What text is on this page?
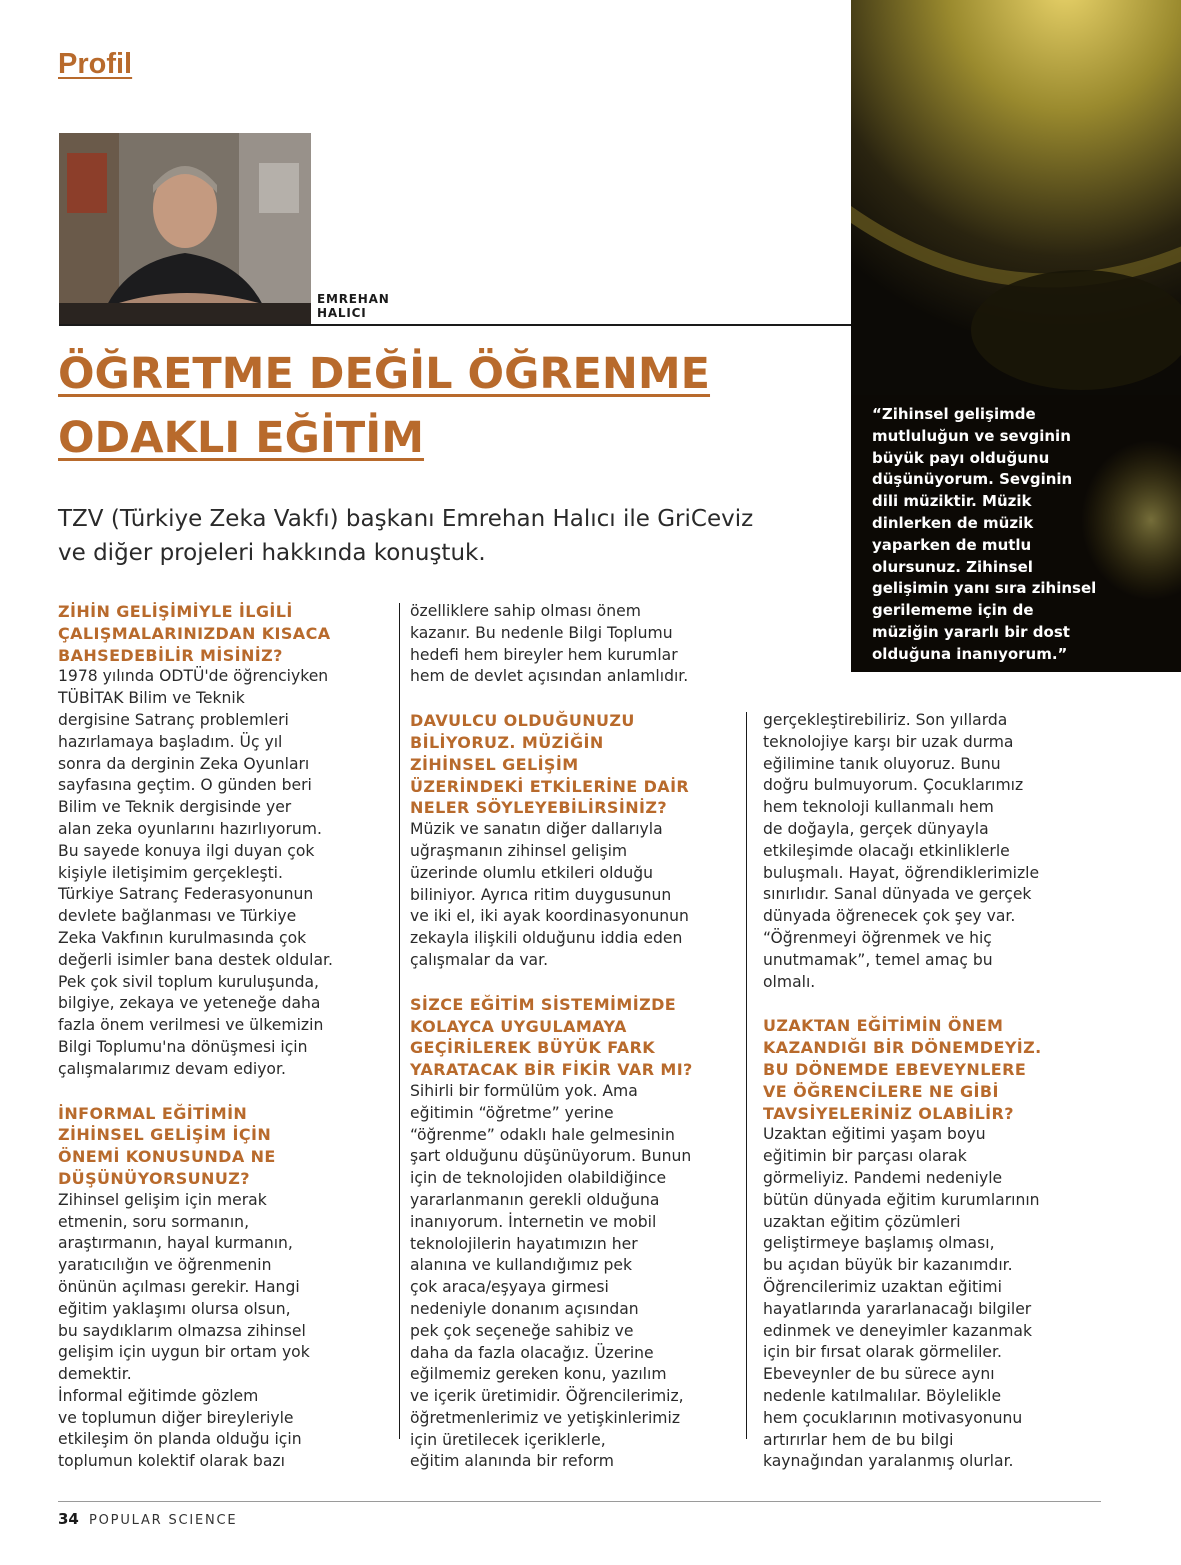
Profil
EMREHAN
HALICI
“Zihinsel gelişimde mutluluğun ve sevginin büyük payı olduğunu düşünüyorum. Sevginin dili müziktir. Müzik dinlerken de müzik yaparken de mutlu olursunuz. Zihinsel gelişimin yanı sıra zihinsel gerilememe için de müziğin yararlı bir dost olduğuna inanıyorum.”
ÖĞRETME DEĞİL ÖĞRENME ODAKLI EĞİTİM

TZV (Türkiye Zeka Vakfı) başkanı Emrehan Halıcı ile GriCeviz ve diğer projeleri hakkında konuştuk.

ZİHİN GELİŞİMİYLE İLGİLİ
ÇALIŞMALARINIZDAN KISACA
BAHSEDEBİLİR MİSİNİZ?

1978 yılında ODTÜ'de öğrenciyken
TÜBİTAK Bilim ve Teknik
dergisine Satranç problemleri
hazırlamaya başladım. Üç yıl
sonra da derginin Zeka Oyunları
sayfasına geçtim. O günden beri
Bilim ve Teknik dergisinde yer
alan zeka oyunlarını hazırlıyorum.
Bu sayede konuya ilgi duyan çok
kişiyle iletişimim gerçekleşti.
Türkiye Satranç Federasyonunun
devlete bağlanması ve Türkiye
Zeka Vakfının kurulmasında çok
değerli isimler bana destek oldular.
Pek çok sivil toplum kuruluşunda,
bilgiye, zekaya ve yeteneğe daha
fazla önem verilmesi ve ülkemizin
Bilgi Toplumu'na dönüşmesi için
çalışmalarımız devam ediyor.

İNFORMAL EĞİTİMİN
ZİHİNSEL GELİŞİM İÇİN
ÖNEMİ KONUSUNDA NE
DÜŞÜNÜYORSUNUZ?

Zihinsel gelişim için merak
etmenin, soru sormanın,
araştırmanın, hayal kurmanın,
yaratıcılığın ve öğrenmenin
önünün açılması gerekir. Hangi
eğitim yaklaşımı olursa olsun,
bu saydıklarım olmazsa zihinsel
gelişim için uygun bir ortam yok
demektir.
İnformal eğitimde gözlem
ve toplumun diğer bireyleriyle
etkileşim ön planda olduğu için
toplumun kolektif olarak bazı

özelliklere sahip olması önem
kazanır. Bu nedenle Bilgi Toplumu
hedefi hem bireyler hem kurumlar
hem de devlet açısından anlamlıdır.

DAVULCU OLDUĞUNUZU
BİLİYORUZ. MÜZİĞİN
ZİHİNSEL GELİŞİM
ÜZERİNDEKİ ETKİLERİNE DAİR
NELER SÖYLEYEBİLİRSİNİZ?

Müzik ve sanatın diğer dallarıyla
uğraşmanın zihinsel gelişim
üzerinde olumlu etkileri olduğu
biliniyor. Ayrıca ritim duygusunun
ve iki el, iki ayak koordinasyonunun
zekayla ilişkili olduğunu iddia eden
çalışmalar da var.

SİZCE EĞİTİM SİSTEMİMİZDE
KOLAYCA UYGULAMAYA
GEÇİRİLEREK BÜYÜK FARK
YARATACAK BİR FİKİR VAR MI?

Sihirli bir formülüm yok. Ama
eğitimin “öğretme” yerine
“öğrenme” odaklı hale gelmesinin
şart olduğunu düşünüyorum. Bunun
için de teknolojiden olabildiğince
yararlanmanın gerekli olduğuna
inanıyorum. İnternetin ve mobil
teknolojilerin hayatımızın her
alanına ve kullandığımız pek
çok araca/eşyaya girmesi
nedeniyle donanım açısından
pek çok seçeneğe sahibiz ve
daha da fazla olacağız. Üzerine
eğilmemiz gereken konu, yazılım
ve içerik üretimidir. Öğrencilerimiz,
öğretmenlerimiz ve yetişkinlerimiz
için üretilecek içeriklerle,
eğitim alanında bir reform

gerçekleştirebiliriz. Son yıllarda
teknolojiye karşı bir uzak durma
eğilimine tanık oluyoruz. Bunu
doğru bulmuyorum. Çocuklarımız
hem teknoloji kullanmalı hem
de doğayla, gerçek dünyayla
etkileşimde olacağı etkinliklerle
buluşmalı. Hayat, öğrendiklerimizle
sınırlıdır. Sanal dünyada ve gerçek
dünyada öğrenecek çok şey var.
“Öğrenmeyi öğrenmek ve hiç
unutmamak”, temel amaç bu
olmalı.

UZAKTAN EĞİTİMİN ÖNEM
KAZANDIĞI BİR DÖNEMDEYİZ.
BU DÖNEMDE EBEVEYNLERE
VE ÖĞRENCİLERE NE GİBİ
TAVSİYELERİNİZ OLABİLİR?

Uzaktan eğitimi yaşam boyu
eğitimin bir parçası olarak
görmeliyiz. Pandemi nedeniyle
bütün dünyada eğitim kurumlarının
uzaktan eğitim çözümleri
geliştirmeye başlamış olması,
bu açıdan büyük bir kazanımdır.
Öğrencilerimiz uzaktan eğitimi
hayatlarında yararlanacağı bilgiler
edinmek ve deneyimler kazanmak
için bir fırsat olarak görmeliler.
Ebeveynler de bu sürece aynı
nedenle katılmalılar. Böylelikle
hem çocuklarının motivasyonunu
artırırlar hem de bu bilgi
kaynağından yaralanmış olurlar.

34 POPULAR SCIENCE
